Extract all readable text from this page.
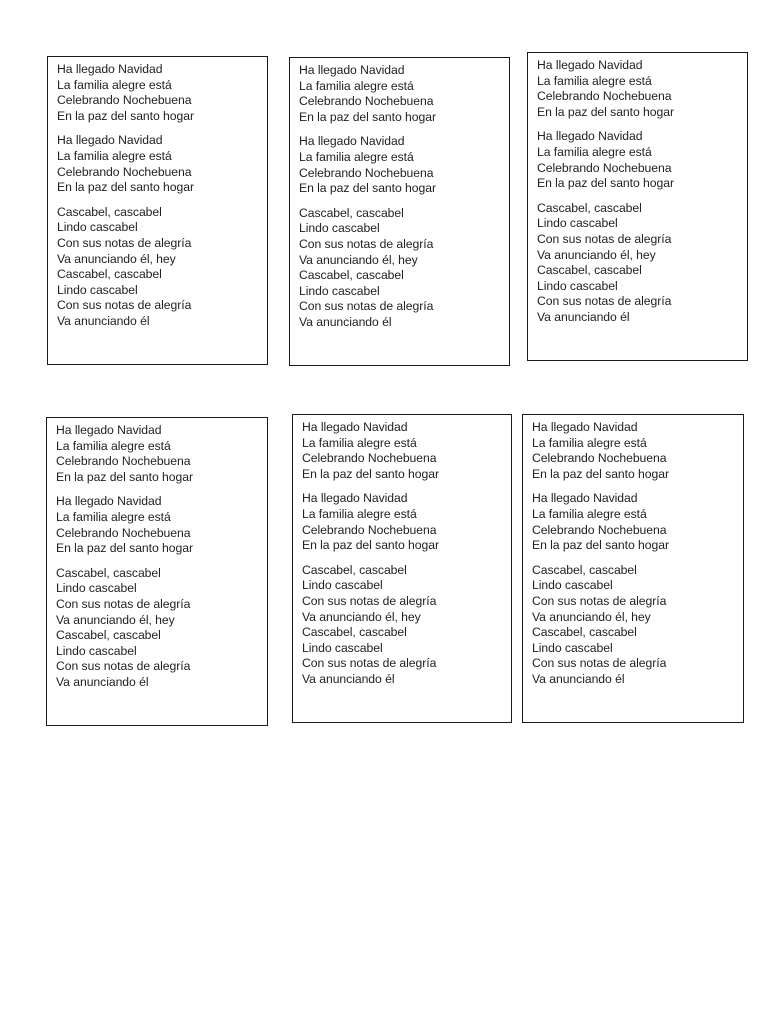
Ha llegado Navidad
La familia alegre está
Celebrando Nochebuena
En la paz del santo hogar
Ha llegado Navidad
La familia alegre está
Celebrando Nochebuena
En la paz del santo hogar
Cascabel, cascabel
Lindo cascabel
Con sus notas de alegría
Va anunciando él, hey
Cascabel, cascabel
Lindo cascabel
Con sus notas de alegría
Va anunciando él
Ha llegado Navidad
La familia alegre está
Celebrando Nochebuena
En la paz del santo hogar
Ha llegado Navidad
La familia alegre está
Celebrando Nochebuena
En la paz del santo hogar
Cascabel, cascabel
Lindo cascabel
Con sus notas de alegría
Va anunciando él, hey
Cascabel, cascabel
Lindo cascabel
Con sus notas de alegría
Va anunciando él
Ha llegado Navidad
La familia alegre está
Celebrando Nochebuena
En la paz del santo hogar
Ha llegado Navidad
La familia alegre está
Celebrando Nochebuena
En la paz del santo hogar
Cascabel, cascabel
Lindo cascabel
Con sus notas de alegría
Va anunciando él, hey
Cascabel, cascabel
Lindo cascabel
Con sus notas de alegría
Va anunciando él
Ha llegado Navidad
La familia alegre está
Celebrando Nochebuena
En la paz del santo hogar
Ha llegado Navidad
La familia alegre está
Celebrando Nochebuena
En la paz del santo hogar
Cascabel, cascabel
Lindo cascabel
Con sus notas de alegría
Va anunciando él, hey
Cascabel, cascabel
Lindo cascabel
Con sus notas de alegría
Va anunciando él
Ha llegado Navidad
La familia alegre está
Celebrando Nochebuena
En la paz del santo hogar
Ha llegado Navidad
La familia alegre está
Celebrando Nochebuena
En la paz del santo hogar
Cascabel, cascabel
Lindo cascabel
Con sus notas de alegría
Va anunciando él, hey
Cascabel, cascabel
Lindo cascabel
Con sus notas de alegría
Va anunciando él
Ha llegado Navidad
La familia alegre está
Celebrando Nochebuena
En la paz del santo hogar
Ha llegado Navidad
La familia alegre está
Celebrando Nochebuena
En la paz del santo hogar
Cascabel, cascabel
Lindo cascabel
Con sus notas de alegría
Va anunciando él, hey
Cascabel, cascabel
Lindo cascabel
Con sus notas de alegría
Va anunciando él
